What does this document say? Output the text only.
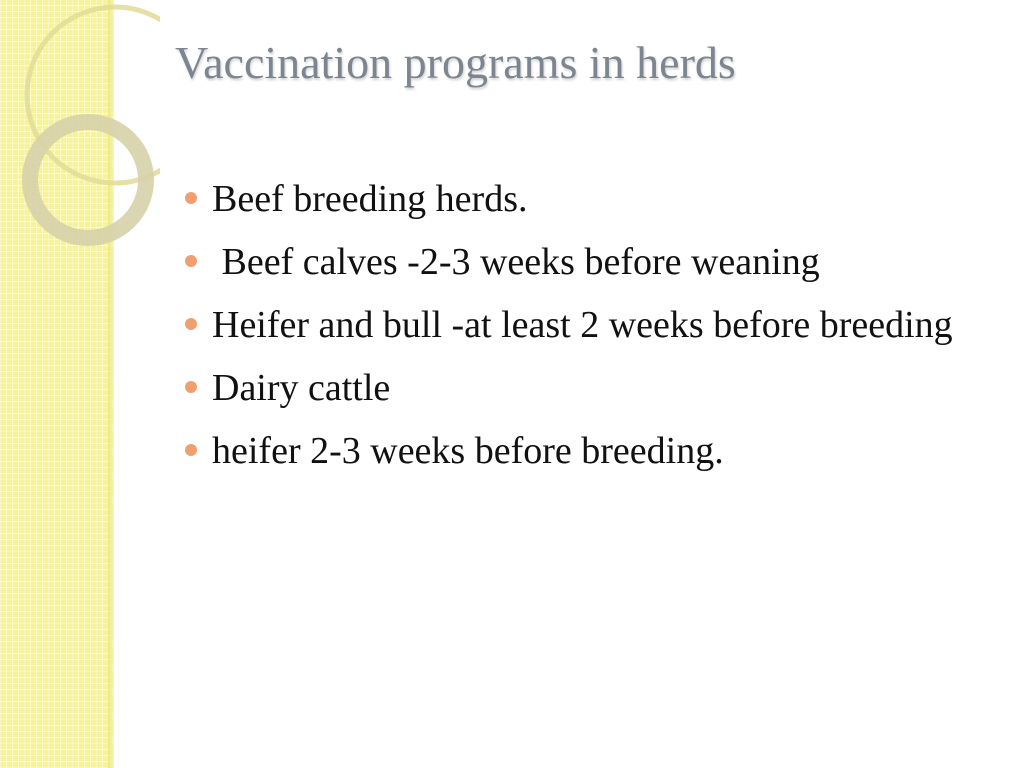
Vaccination programs in herds
Beef breeding herds.
Beef calves -2-3 weeks before weaning
Heifer and bull -at least 2 weeks before breeding
Dairy cattle
heifer 2-3 weeks before breeding.
